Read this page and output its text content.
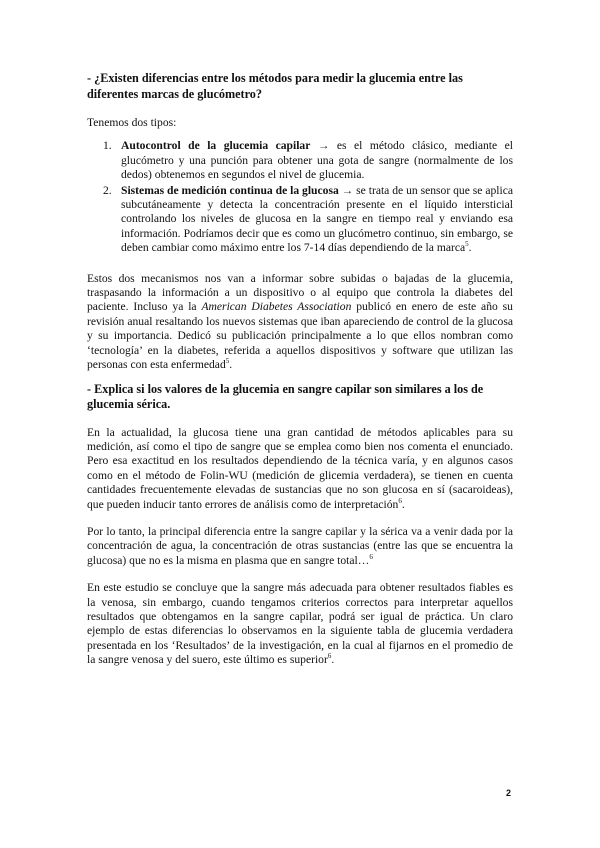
- ¿Existen diferencias entre los métodos para medir la glucemia entre las diferentes marcas de glucómetro?

Tenemos dos tipos:

1. Autocontrol de la glucemia capilar → es el método clásico, mediante el glucómetro y una punción para obtener una gota de sangre (normalmente de los dedos) obtenemos en segundos el nivel de glucemia.
2. Sistemas de medición continua de la glucosa → se trata de un sensor que se aplica subcutáneamente y detecta la concentración presente en el líquido intersticial controlando los niveles de glucosa en la sangre en tiempo real y enviando esa información. Podríamos decir que es como un glucómetro continuo, sin embargo, se deben cambiar como máximo entre los 7-14 días dependiendo de la marca$^5$.

Estos dos mecanismos nos van a informar sobre subidas o bajadas de la glucemia, traspasando la información a un dispositivo o al equipo que controla la diabetes del paciente. Incluso ya la American Diabetes Association publicó en enero de este año su revisión anual resaltando los nuevos sistemas que iban apareciendo de control de la glucosa y su importancia. Dedicó su publicación principalmente a lo que ellos nombran como ‘tecnología’ en la diabetes, referida a aquellos dispositivos y software que utilizan las personas con esta enfermedad$^5$.

- Explica si los valores de la glucemia en sangre capilar son similares a los de glucemia sérica.

En la actualidad, la glucosa tiene una gran cantidad de métodos aplicables para su medición, así como el tipo de sangre que se emplea como bien nos comenta el enunciado. Pero esa exactitud en los resultados dependiendo de la técnica varía, y en algunos casos como en el método de Folin-WU (medición de glicemia verdadera), se tienen en cuenta cantidades frecuentemente elevadas de sustancias que no son glucosa en sí (sacaroideas), que pueden inducir tanto errores de análisis como de interpretación$^6$.

Por lo tanto, la principal diferencia entre la sangre capilar y la sérica va a venir dada por la concentración de agua, la concentración de otras sustancias (entre las que se encuentra la glucosa) que no es la misma en plasma que en sangre total…$^6$

En este estudio se concluye que la sangre más adecuada para obtener resultados fiables es la venosa, sin embargo, cuando tengamos criterios correctos para interpretar aquellos resultados que obtengamos en la sangre capilar, podrá ser igual de práctica. Un claro ejemplo de estas diferencias lo observamos en la siguiente tabla de glucemia verdadera presentada en los ‘Resultados’ de la investigación, en la cual al fijarnos en el promedio de la sangre venosa y del suero, este último es superior$^6$.

2
